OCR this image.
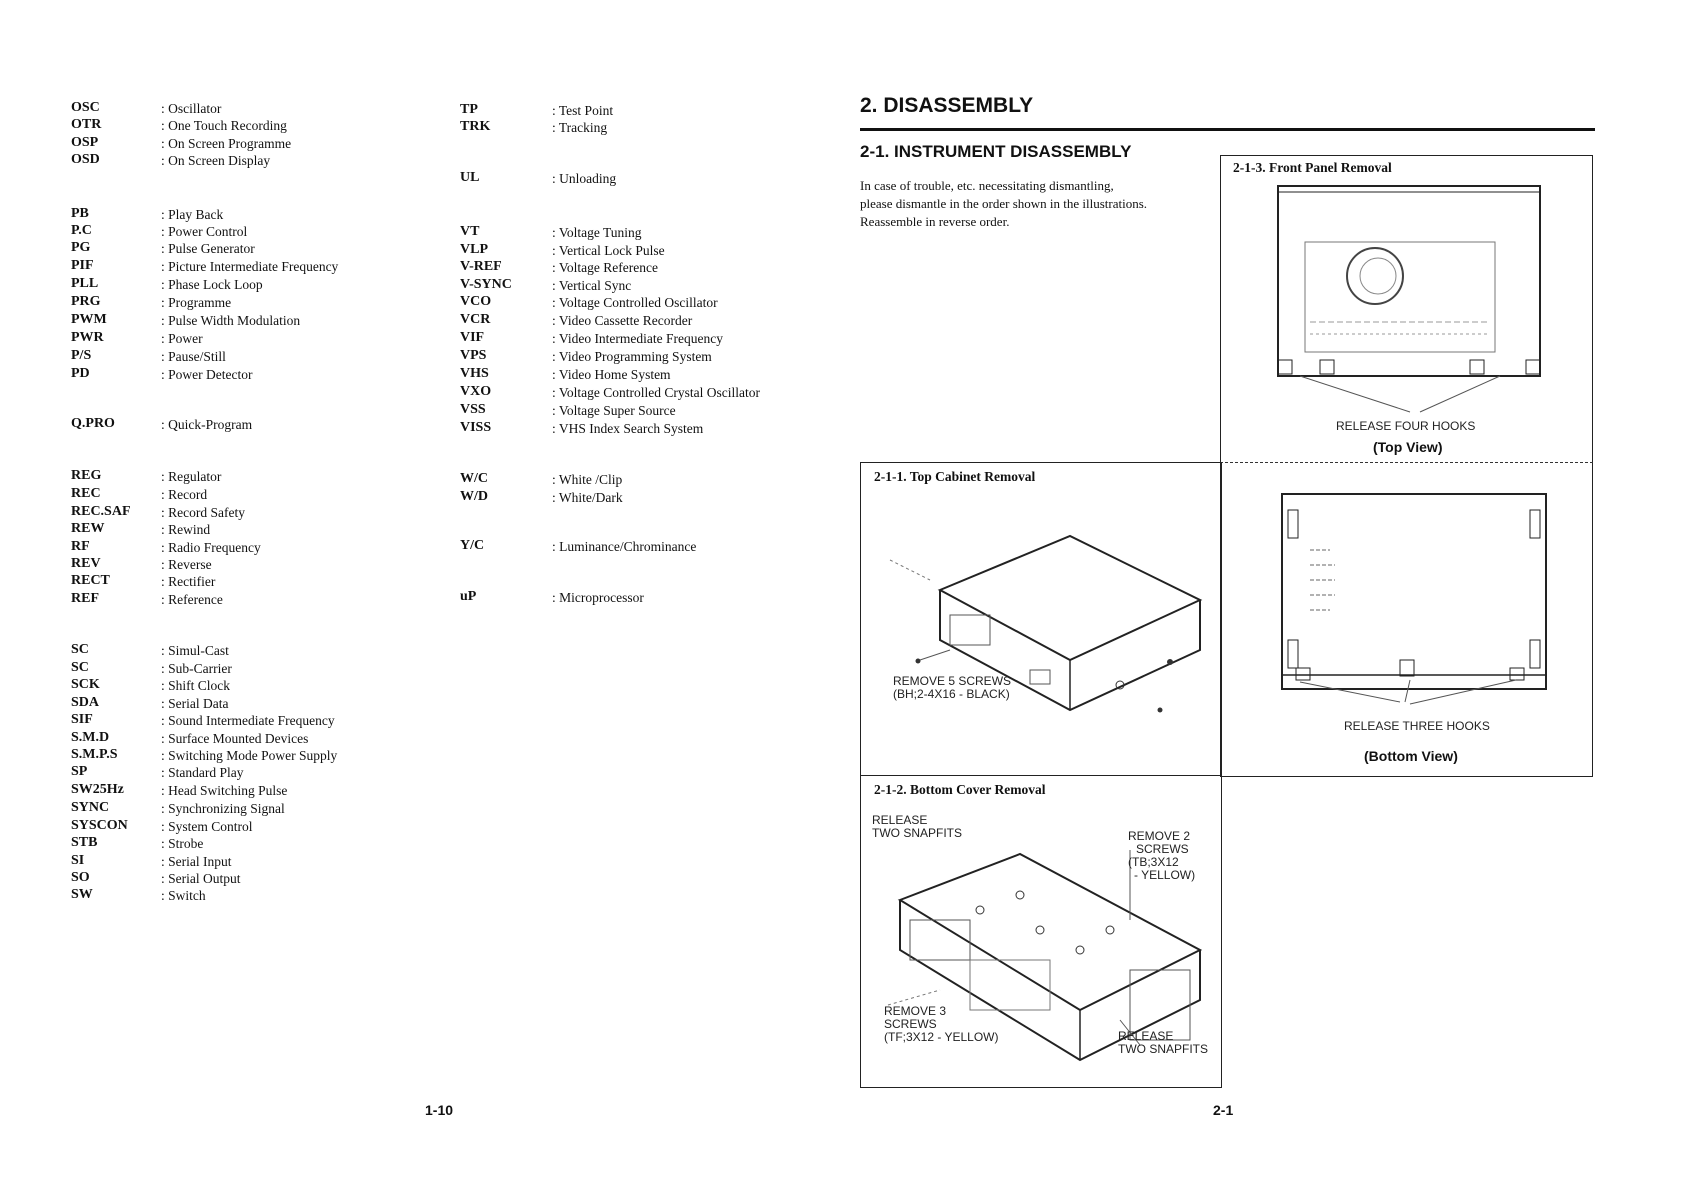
OSC	: Oscillator
OTR	: One Touch Recording
OSP	: On Screen Programme
OSD	: On Screen Display
PB	: Play Back
P.C	: Power Control
PG	: Pulse Generator
PIF	: Picture Intermediate Frequency
PLL	: Phase Lock Loop
PRG	: Programme
PWM	: Pulse Width Modulation
PWR	: Power
P/S	: Pause/Still
PD	: Power Detector
Q.PRO	: Quick-Program
REG	: Regulator
REC	: Record
REC.SAF : Record Safety
REW	: Rewind
RF	: Radio Frequency
REV	: Reverse
RECT	: Rectifier
REF	: Reference
SC	: Simul-Cast
SC	: Sub-Carrier
SCK	: Shift Clock
SDA	: Serial Data
SIF	: Sound Intermediate Frequency
S.M.D	: Surface Mounted Devices
S.M.P.S	: Switching Mode Power Supply
SP	: Standard Play
SW25Hz	: Head Switching Pulse
SYNC	: Synchronizing Signal
SYSCON : System Control
STB	: Strobe
SI	: Serial Input
SO	: Serial Output
SW	: Switch
TP	: Test Point
TRK	: Tracking
UL	: Unloading
VT	: Voltage Tuning
VLP	: Vertical Lock Pulse
V-REF	: Voltage Reference
V-SYNC	: Vertical Sync
VCO	: Voltage Controlled Oscillator
VCR	: Video Cassette Recorder
VIF	: Video Intermediate Frequency
VPS	: Video Programming System
VHS	: Video Home System
VXO	: Voltage Controlled Crystal Oscillator
VSS	: Voltage Super Source
VISS	: VHS Index Search System
W/C	: White /Clip
W/D	: White/Dark
Y/C	: Luminance/Chrominance
uP	: Microprocessor
1-10
2. DISASSEMBLY
2-1. INSTRUMENT DISASSEMBLY
In case of trouble, etc. necessitating dismantling,
please dismantle in the order shown in the illustrations.
Reassemble in reverse order.
2-1-3. Front Panel Removal
RELEASE FOUR HOOKS
(Top View)
RELEASE THREE HOOKS
(Bottom View)
2-1-1. Top Cabinet Removal
REMOVE 5 SCREWS
(BH;2-4X16 - BLACK)
2-1-2. Bottom Cover Removal
RELEASE
TWO SNAPFITS	REMOVE 2
SCREWS
(TB;3X12
- YELLOW)
REMOVE 3
SCREWS
(TF;3X12 - YELLOW)	RELEASE
TWO SNAPFITS
2-1
